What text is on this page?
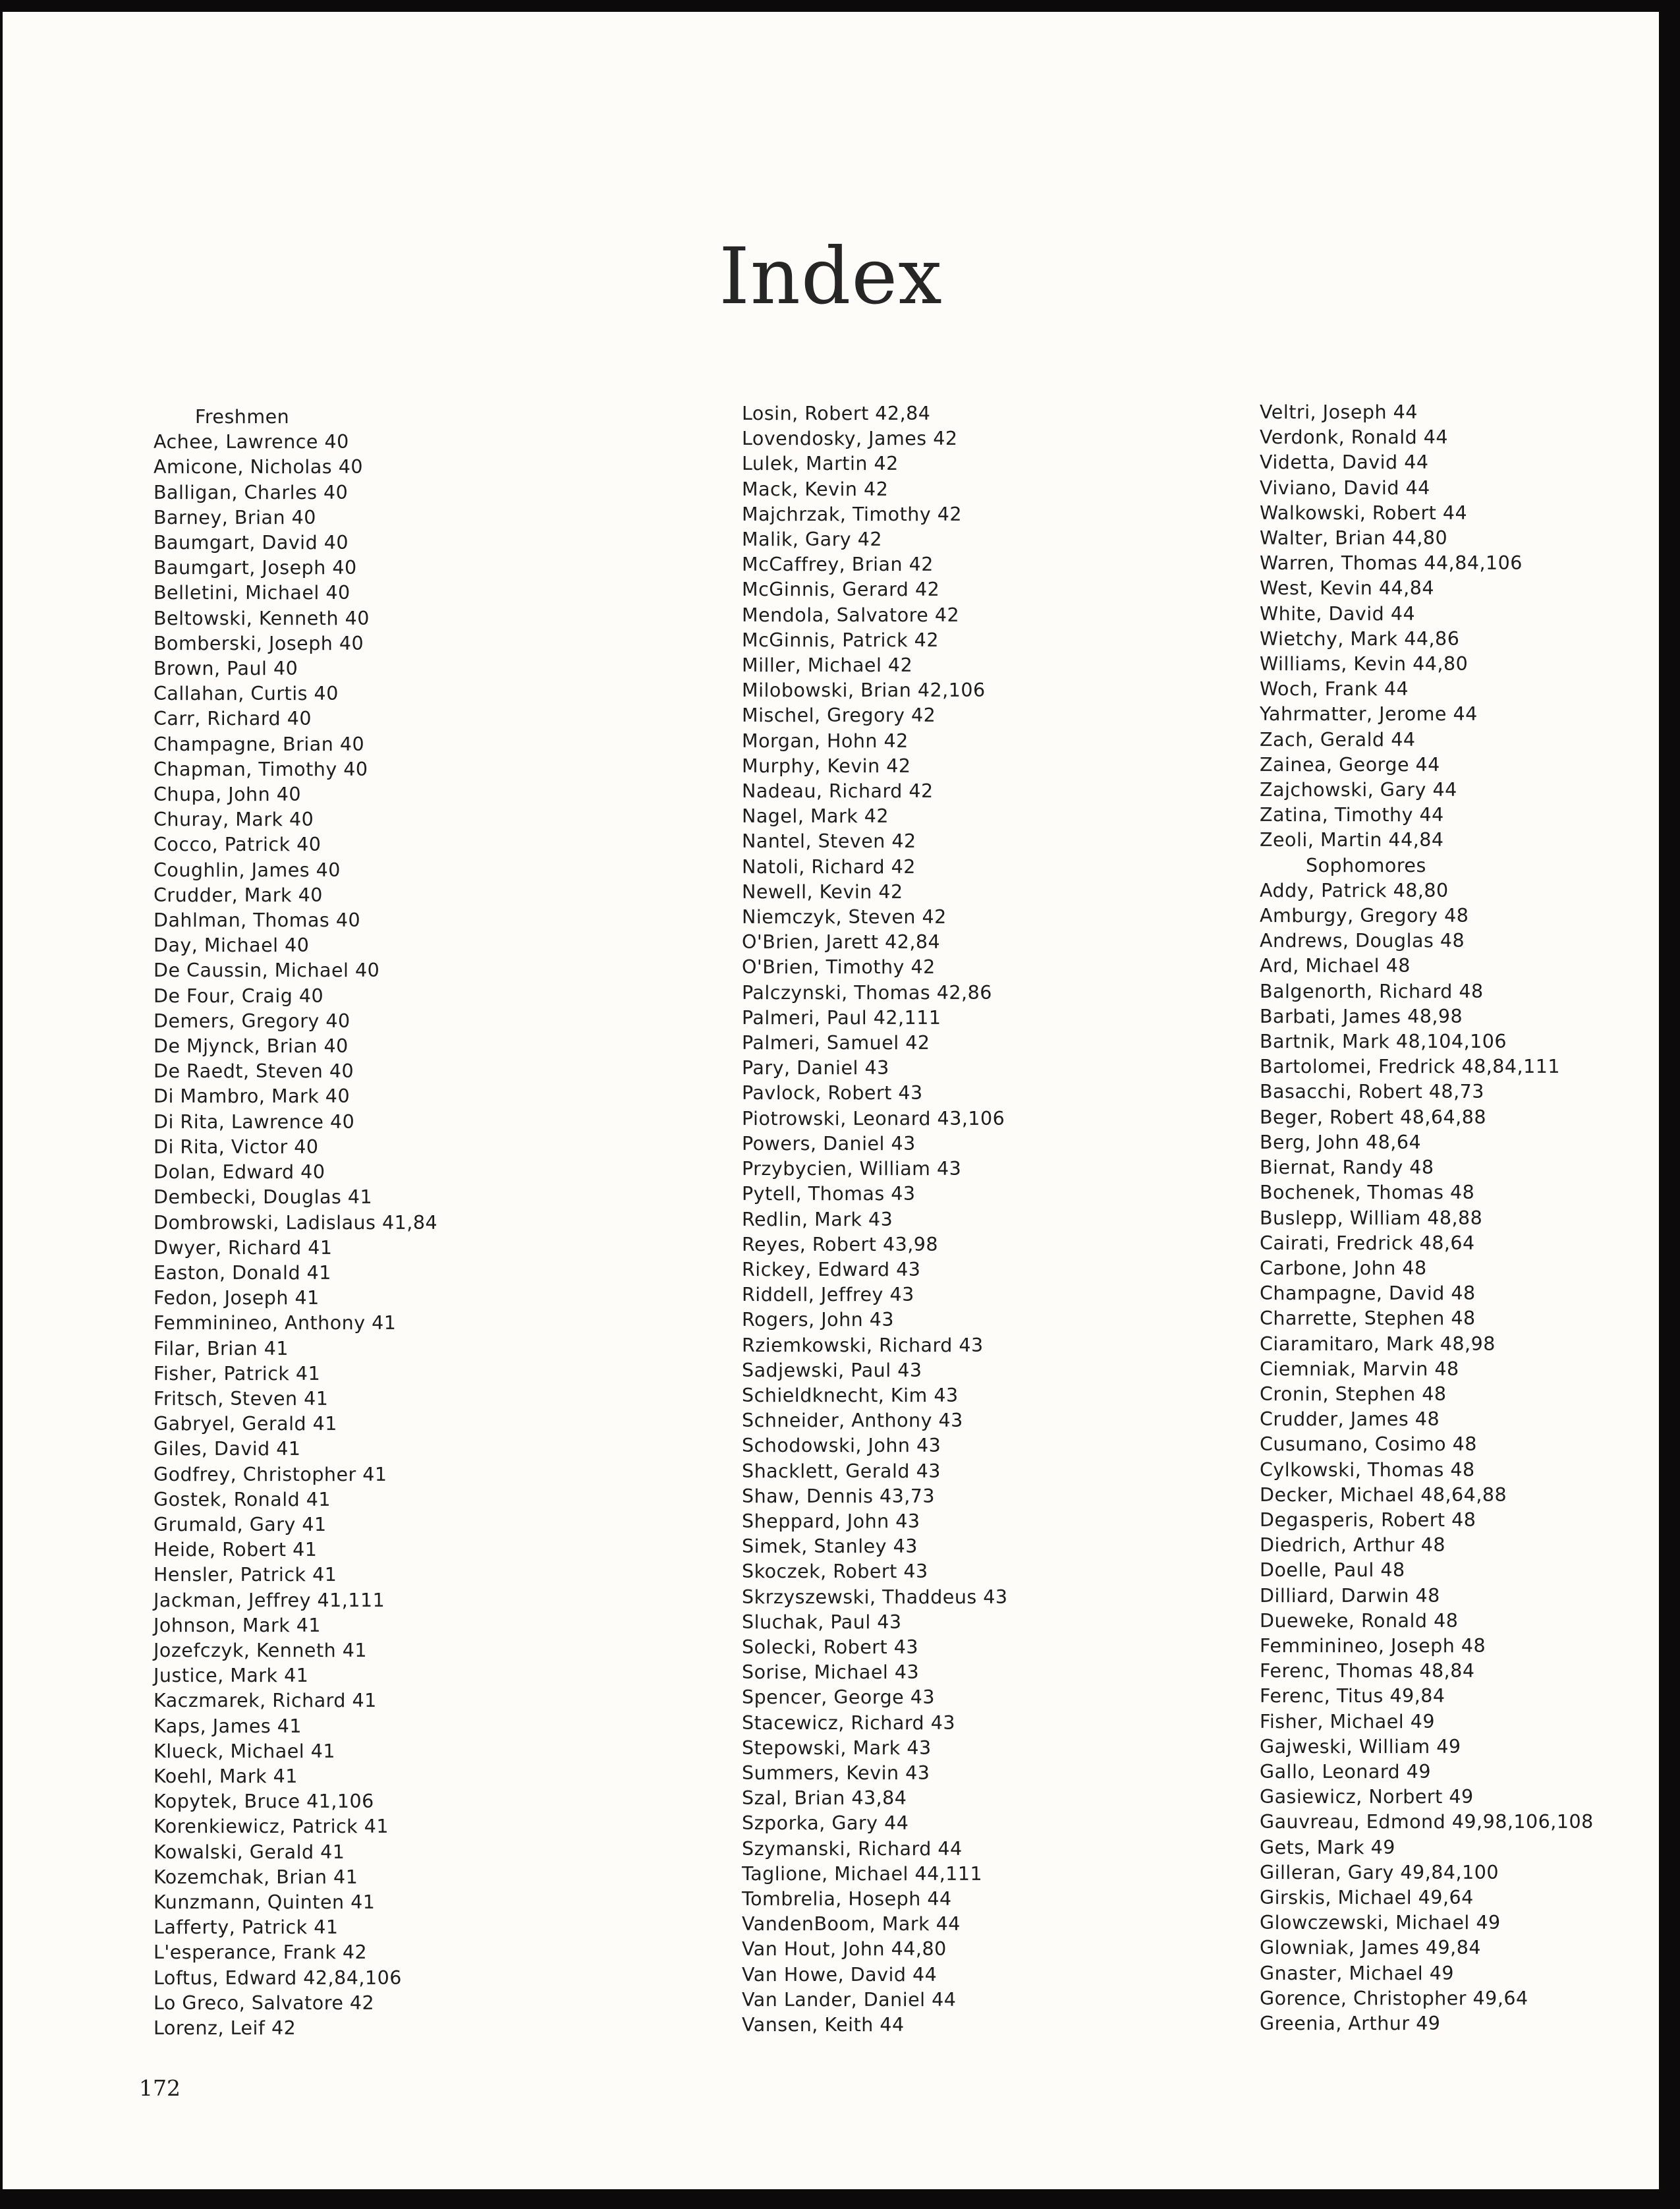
Index
Freshmen
Achee, Lawrence 40
Amicone, Nicholas 40
Balligan, Charles 40
Barney, Brian 40
Baumgart, David 40
Baumgart, Joseph 40
Belletini, Michael 40
Beltowski, Kenneth 40
Bomberski, Joseph 40
Brown, Paul 40
Callahan, Curtis 40
Carr, Richard 40
Champagne, Brian 40
Chapman, Timothy 40
Chupa, John 40
Churay, Mark 40
Cocco, Patrick 40
Coughlin, James 40
Crudder, Mark 40
Dahlman, Thomas 40
Day, Michael 40
De Caussin, Michael 40
De Four, Craig 40
Demers, Gregory 40
De Mjynck, Brian 40
De Raedt, Steven 40
Di Mambro, Mark 40
Di Rita, Lawrence 40
Di Rita, Victor 40
Dolan, Edward 40
Dembecki, Douglas 41
Dombrowski, Ladislaus 41,84
Dwyer, Richard 41
Easton, Donald 41
Fedon, Joseph 41
Femminineo, Anthony 41
Filar, Brian 41
Fisher, Patrick 41
Fritsch, Steven 41
Gabryel, Gerald 41
Giles, David 41
Godfrey, Christopher 41
Gostek, Ronald 41
Grumald, Gary 41
Heide, Robert 41
Hensler, Patrick 41
Jackman, Jeffrey 41,111
Johnson, Mark 41
Jozefczyk, Kenneth 41
Justice, Mark 41
Kaczmarek, Richard 41
Kaps, James 41
Klueck, Michael 41
Koehl, Mark 41
Kopytek, Bruce 41,106
Korenkiewicz, Patrick 41
Kowalski, Gerald 41
Kozemchak, Brian 41
Kunzmann, Quinten 41
Lafferty, Patrick 41
L'esperance, Frank 42
Loftus, Edward 42,84,106
Lo Greco, Salvatore 42
Lorenz, Leif 42
Losin, Robert 42,84
Lovendosky, James 42
Lulek, Martin 42
Mack, Kevin 42
Majchrzak, Timothy 42
Malik, Gary 42
McCaffrey, Brian 42
McGinnis, Gerard 42
Mendola, Salvatore 42
McGinnis, Patrick 42
Miller, Michael 42
Milobowski, Brian 42,106
Mischel, Gregory 42
Morgan, Hohn 42
Murphy, Kevin 42
Nadeau, Richard 42
Nagel, Mark 42
Nantel, Steven 42
Natoli, Richard 42
Newell, Kevin 42
Niemczyk, Steven 42
O'Brien, Jarett 42,84
O'Brien, Timothy 42
Palczynski, Thomas 42,86
Palmeri, Paul 42,111
Palmeri, Samuel 42
Pary, Daniel 43
Pavlock, Robert 43
Piotrowski, Leonard 43,106
Powers, Daniel 43
Przybycien, William 43
Pytell, Thomas 43
Redlin, Mark 43
Reyes, Robert 43,98
Rickey, Edward 43
Riddell, Jeffrey 43
Rogers, John 43
Rziemkowski, Richard 43
Sadjewski, Paul 43
Schieldknecht, Kim 43
Schneider, Anthony 43
Schodowski, John 43
Shacklett, Gerald 43
Shaw, Dennis 43,73
Sheppard, John 43
Simek, Stanley 43
Skoczek, Robert 43
Skrzyszewski, Thaddeus 43
Sluchak, Paul 43
Solecki, Robert 43
Sorise, Michael 43
Spencer, George 43
Stacewicz, Richard 43
Stepowski, Mark 43
Summers, Kevin 43
Szal, Brian 43,84
Szporka, Gary 44
Szymanski, Richard 44
Taglione, Michael 44,111
Tombrelia, Hoseph 44
VandenBoom, Mark 44
Van Hout, John 44,80
Van Howe, David 44
Van Lander, Daniel 44
Vansen, Keith 44
Veltri, Joseph 44
Verdonk, Ronald 44
Videtta, David 44
Viviano, David 44
Walkowski, Robert 44
Walter, Brian 44,80
Warren, Thomas 44,84,106
West, Kevin 44,84
White, David 44
Wietchy, Mark 44,86
Williams, Kevin 44,80
Woch, Frank 44
Yahrmatter, Jerome 44
Zach, Gerald 44
Zainea, George 44
Zajchowski, Gary 44
Zatina, Timothy 44
Zeoli, Martin 44,84
Sophomores
Addy, Patrick 48,80
Amburgy, Gregory 48
Andrews, Douglas 48
Ard, Michael 48
Balgenorth, Richard 48
Barbati, James 48,98
Bartnik, Mark 48,104,106
Bartolomei, Fredrick 48,84,111
Basacchi, Robert 48,73
Beger, Robert 48,64,88
Berg, John 48,64
Biernat, Randy 48
Bochenek, Thomas 48
Buslepp, William 48,88
Cairati, Fredrick 48,64
Carbone, John 48
Champagne, David 48
Charrette, Stephen 48
Ciaramitaro, Mark 48,98
Ciemniak, Marvin 48
Cronin, Stephen 48
Crudder, James 48
Cusumano, Cosimo 48
Cylkowski, Thomas 48
Decker, Michael 48,64,88
Degasperis, Robert 48
Diedrich, Arthur 48
Doelle, Paul 48
Dilliard, Darwin 48
Dueweke, Ronald 48
Femminineo, Joseph 48
Ferenc, Thomas 48,84
Ferenc, Titus 49,84
Fisher, Michael 49
Gajweski, William 49
Gallo, Leonard 49
Gasiewicz, Norbert 49
Gauvreau, Edmond 49,98,106,108
Gets, Mark 49
Gilleran, Gary 49,84,100
Girskis, Michael 49,64
Glowczewski, Michael 49
Glowniak, James 49,84
Gnaster, Michael 49
Gorence, Christopher 49,64
Greenia, Arthur 49
172
